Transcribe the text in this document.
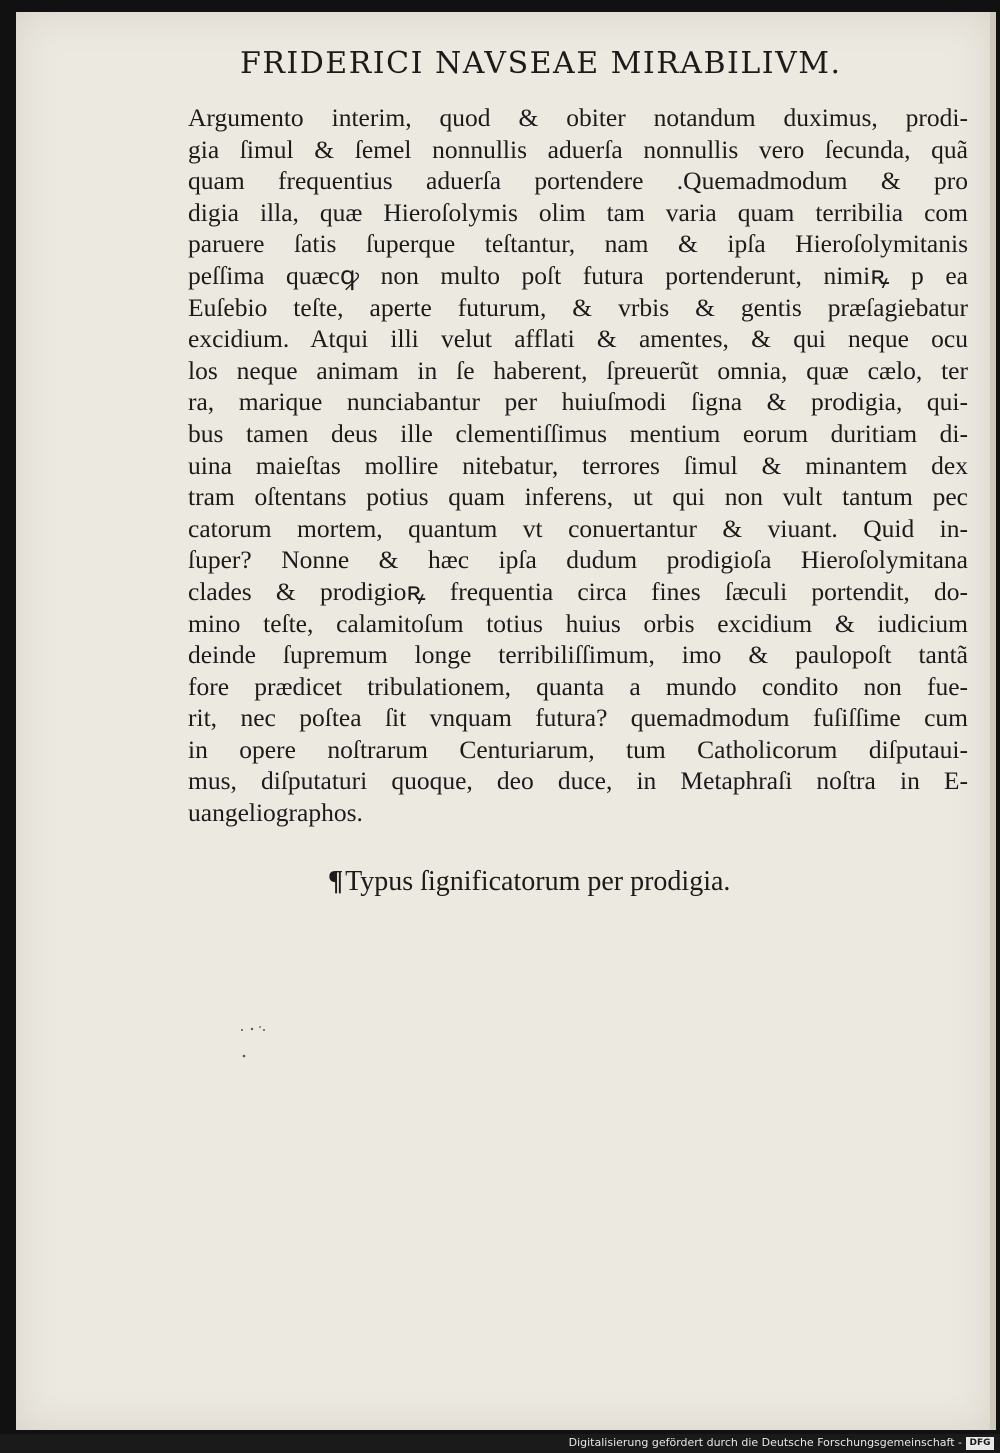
FRIDERICI NAVSEAE MIRABILIVM.
Argumento interim, quod & obiter notandum duximus, prodi-
gia ſimul & ſemel nonnullis aduerſa nonnullis vero ſecunda, quã
quam frequentius aduerſa portendere .Quemadmodum & pro
digia illa, quæ Hieroſolymis olim tam varia quam terribilia com
paruere ſatis ſuperque teſtantur, nam & ipſa Hieroſolymitanis
peſſima quæcꝙ non multo poſt futura portenderunt, nimiꝶ p ea
Euſebio teſte, aperte futurum, & vrbis & gentis præſagiebatur
excidium. Atqui illi velut afflati & amentes, & qui neque ocu
los neque animam in ſe haberent, ſpreuerũt omnia, quæ cælo, ter
ra, marique nunciabantur per huiuſmodi ſigna & prodigia, qui-
bus tamen deus ille clementiſſimus mentium eorum duritiam di-
uina maieſtas mollire nitebatur, terrores ſimul & minantem dex
tram oſtentans potius quam inferens, ut qui non vult tantum pec
catorum mortem, quantum vt conuertantur & viuant. Quid in-
ſuper? Nonne & hæc ipſa dudum prodigioſa Hieroſolymitana
clades & prodigioꝶ frequentia circa fines ſæculi portendit, do-
mino teſte, calamitoſum totius huius orbis excidium & iudicium
deinde ſupremum longe terribiliſſimum, imo & paulopoſt tantã
fore prædicet tribulationem, quanta a mundo condito non fue-
rit, nec poſtea ſit vnquam futura? quemadmodum fuſiſſime cum
in opere noſtrarum Centuriarum, tum Catholicorum diſputaui-
mus, diſputaturi quoque, deo duce, in Metaphraſi noſtra in E-
uangeliographos.
¶Typus ſignificatorum per prodigia.
Digitalisierung gefördert durch die Deutsche Forschungsgemeinschaft - DFG
